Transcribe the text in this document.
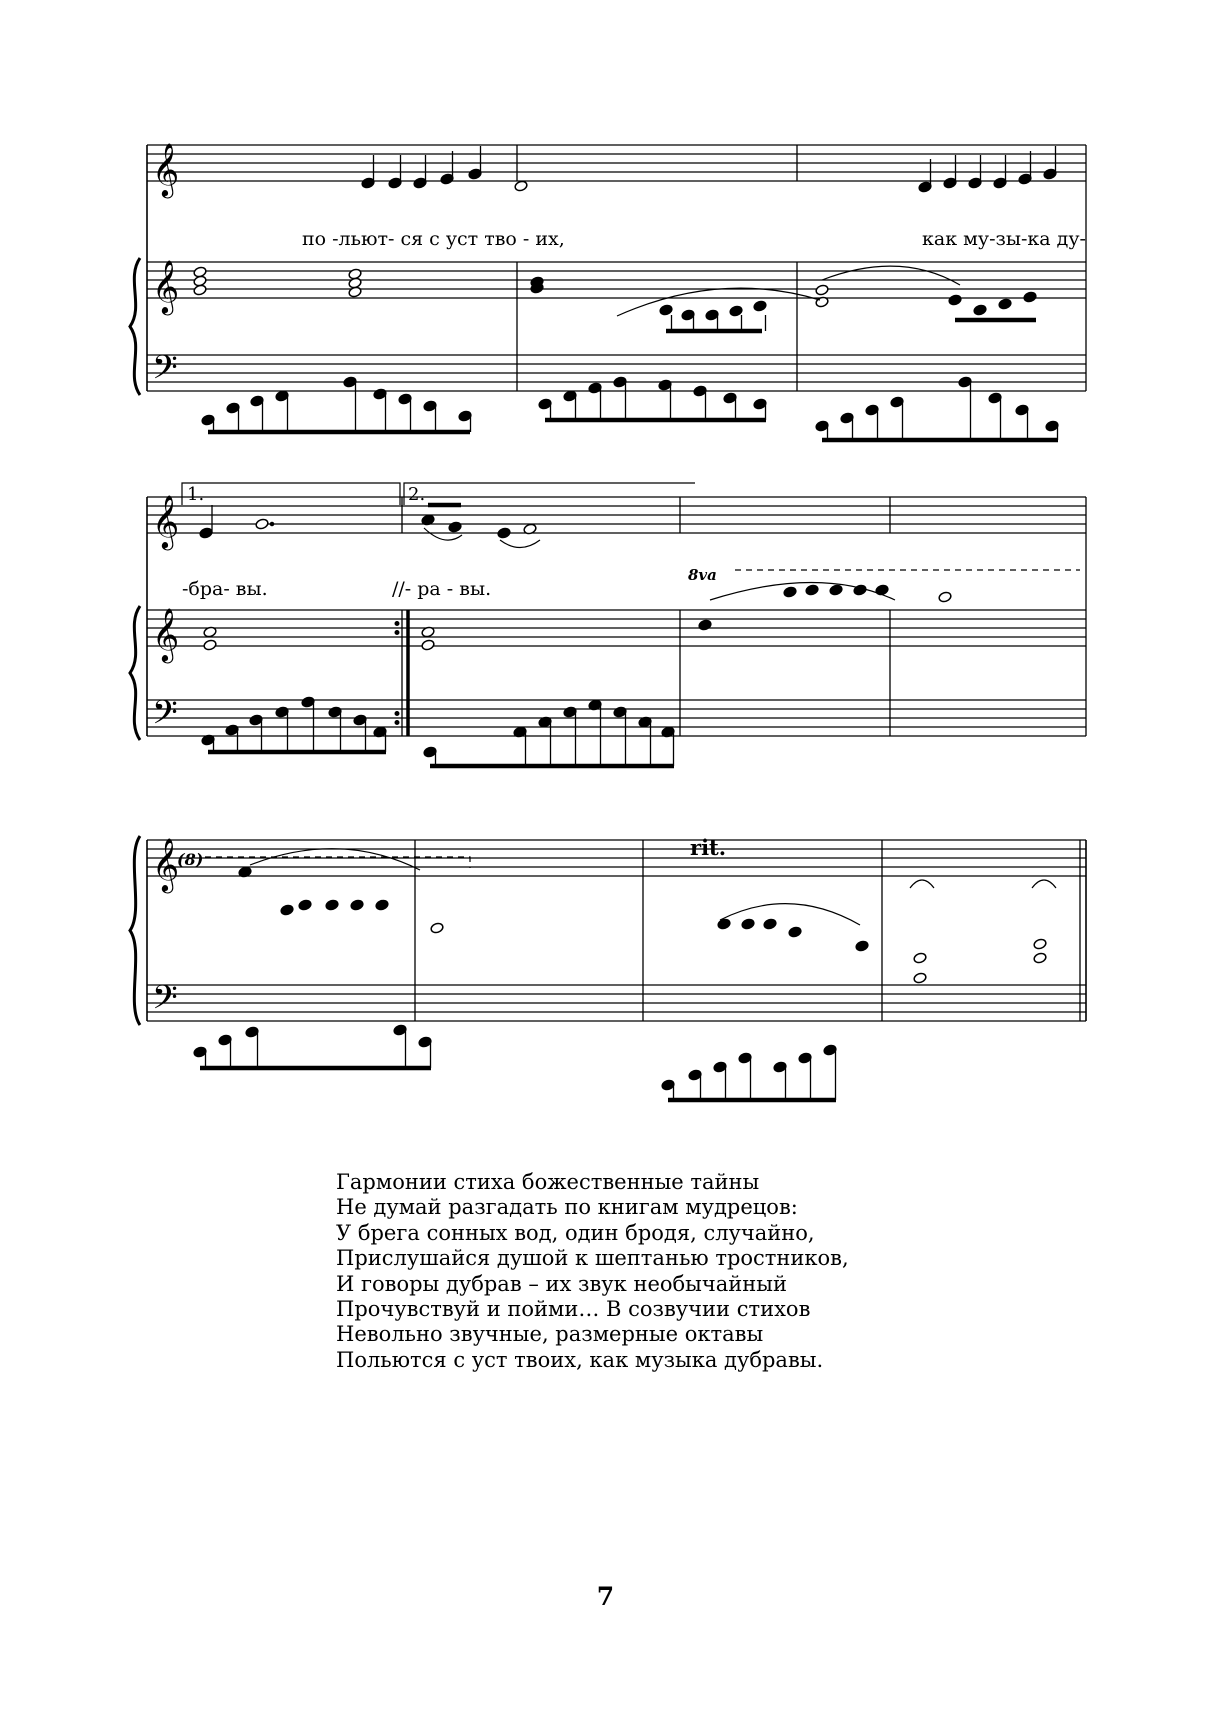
𝄞
𝄞
𝄢
𝄞
𝄞
𝄢
𝄞
𝄢
по -льют- ся с уст тво - их,	как му-зы-ка ду-
1.	2.
-бра- вы.	//- ра - вы.
8va
(8)	rit.
Гармонии стиха божественные тайны
Не думай разгадать по книгам мудрецов:
У брега сонных вод, один бродя, случайно,
Прислушайся душой к шептанью тростников,
И говоры дубрав – их звук необычайный
Прочувствуй и пойми… В созвучии стихов
Невольно звучные, размерные октавы
Польются с уст твоих, как музыка дубравы.
7
